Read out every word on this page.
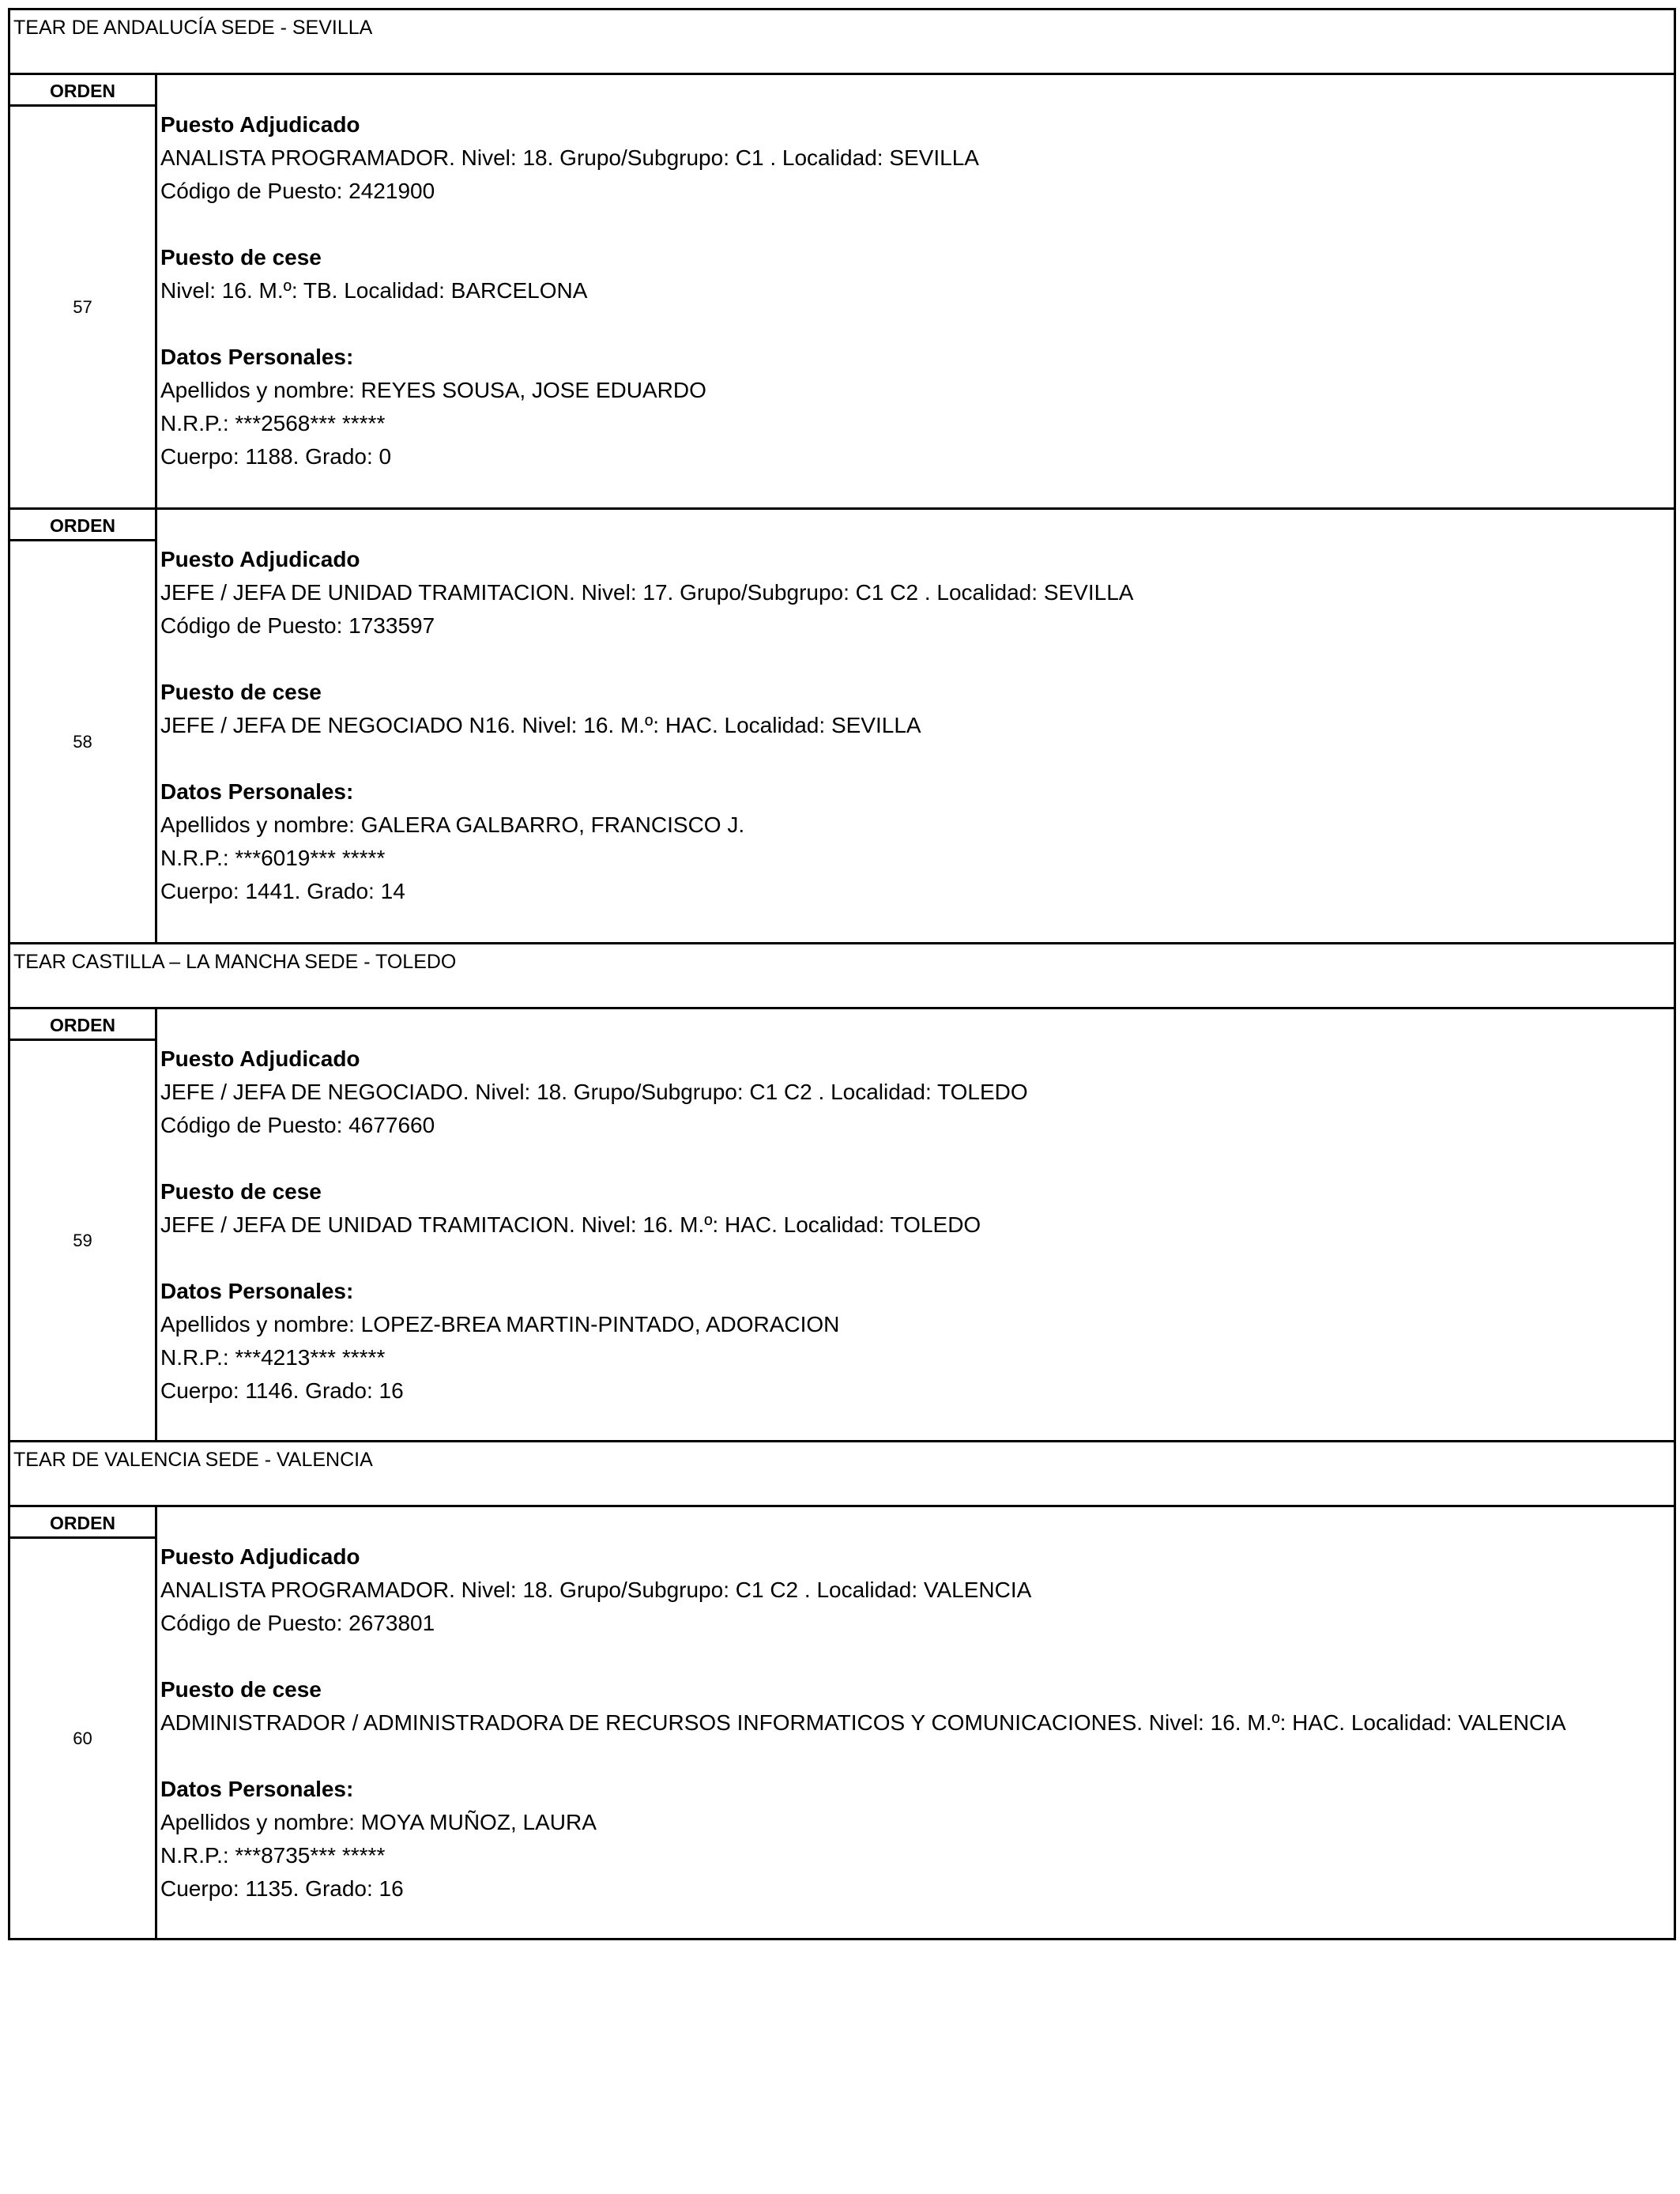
TEAR DE ANDALUCÍA SEDE - SEVILLA
ORDEN
57
Puesto Adjudicado
ANALISTA PROGRAMADOR. Nivel: 18. Grupo/Subgrupo: C1 . Localidad: SEVILLA
Código de Puesto: 2421900
Puesto de cese
Nivel: 16. M.º: TB. Localidad: BARCELONA
Datos Personales:
Apellidos y nombre: REYES SOUSA, JOSE EDUARDO
N.R.P.: ***2568*** *****
Cuerpo: 1188. Grado: 0
ORDEN
58
Puesto Adjudicado
JEFE / JEFA DE UNIDAD TRAMITACION. Nivel: 17. Grupo/Subgrupo: C1 C2 . Localidad: SEVILLA
Código de Puesto: 1733597
Puesto de cese
JEFE / JEFA DE NEGOCIADO N16. Nivel: 16. M.º: HAC. Localidad: SEVILLA
Datos Personales:
Apellidos y nombre: GALERA GALBARRO, FRANCISCO J.
N.R.P.: ***6019*** *****
Cuerpo: 1441. Grado: 14
TEAR CASTILLA – LA MANCHA SEDE - TOLEDO
ORDEN
59
Puesto Adjudicado
JEFE / JEFA DE NEGOCIADO. Nivel: 18. Grupo/Subgrupo: C1 C2 . Localidad: TOLEDO
Código de Puesto: 4677660
Puesto de cese
JEFE / JEFA DE UNIDAD TRAMITACION. Nivel: 16. M.º: HAC. Localidad: TOLEDO
Datos Personales:
Apellidos y nombre: LOPEZ-BREA MARTIN-PINTADO, ADORACION
N.R.P.: ***4213*** *****
Cuerpo: 1146. Grado: 16
TEAR DE VALENCIA SEDE - VALENCIA
ORDEN
60
Puesto Adjudicado
ANALISTA PROGRAMADOR. Nivel: 18. Grupo/Subgrupo: C1 C2 . Localidad: VALENCIA
Código de Puesto: 2673801
Puesto de cese
ADMINISTRADOR / ADMINISTRADORA DE RECURSOS INFORMATICOS Y COMUNICACIONES. Nivel: 16. M.º: HAC. Localidad: VALENCIA
Datos Personales:
Apellidos y nombre: MOYA MUÑOZ, LAURA
N.R.P.: ***8735*** *****
Cuerpo: 1135. Grado: 16
